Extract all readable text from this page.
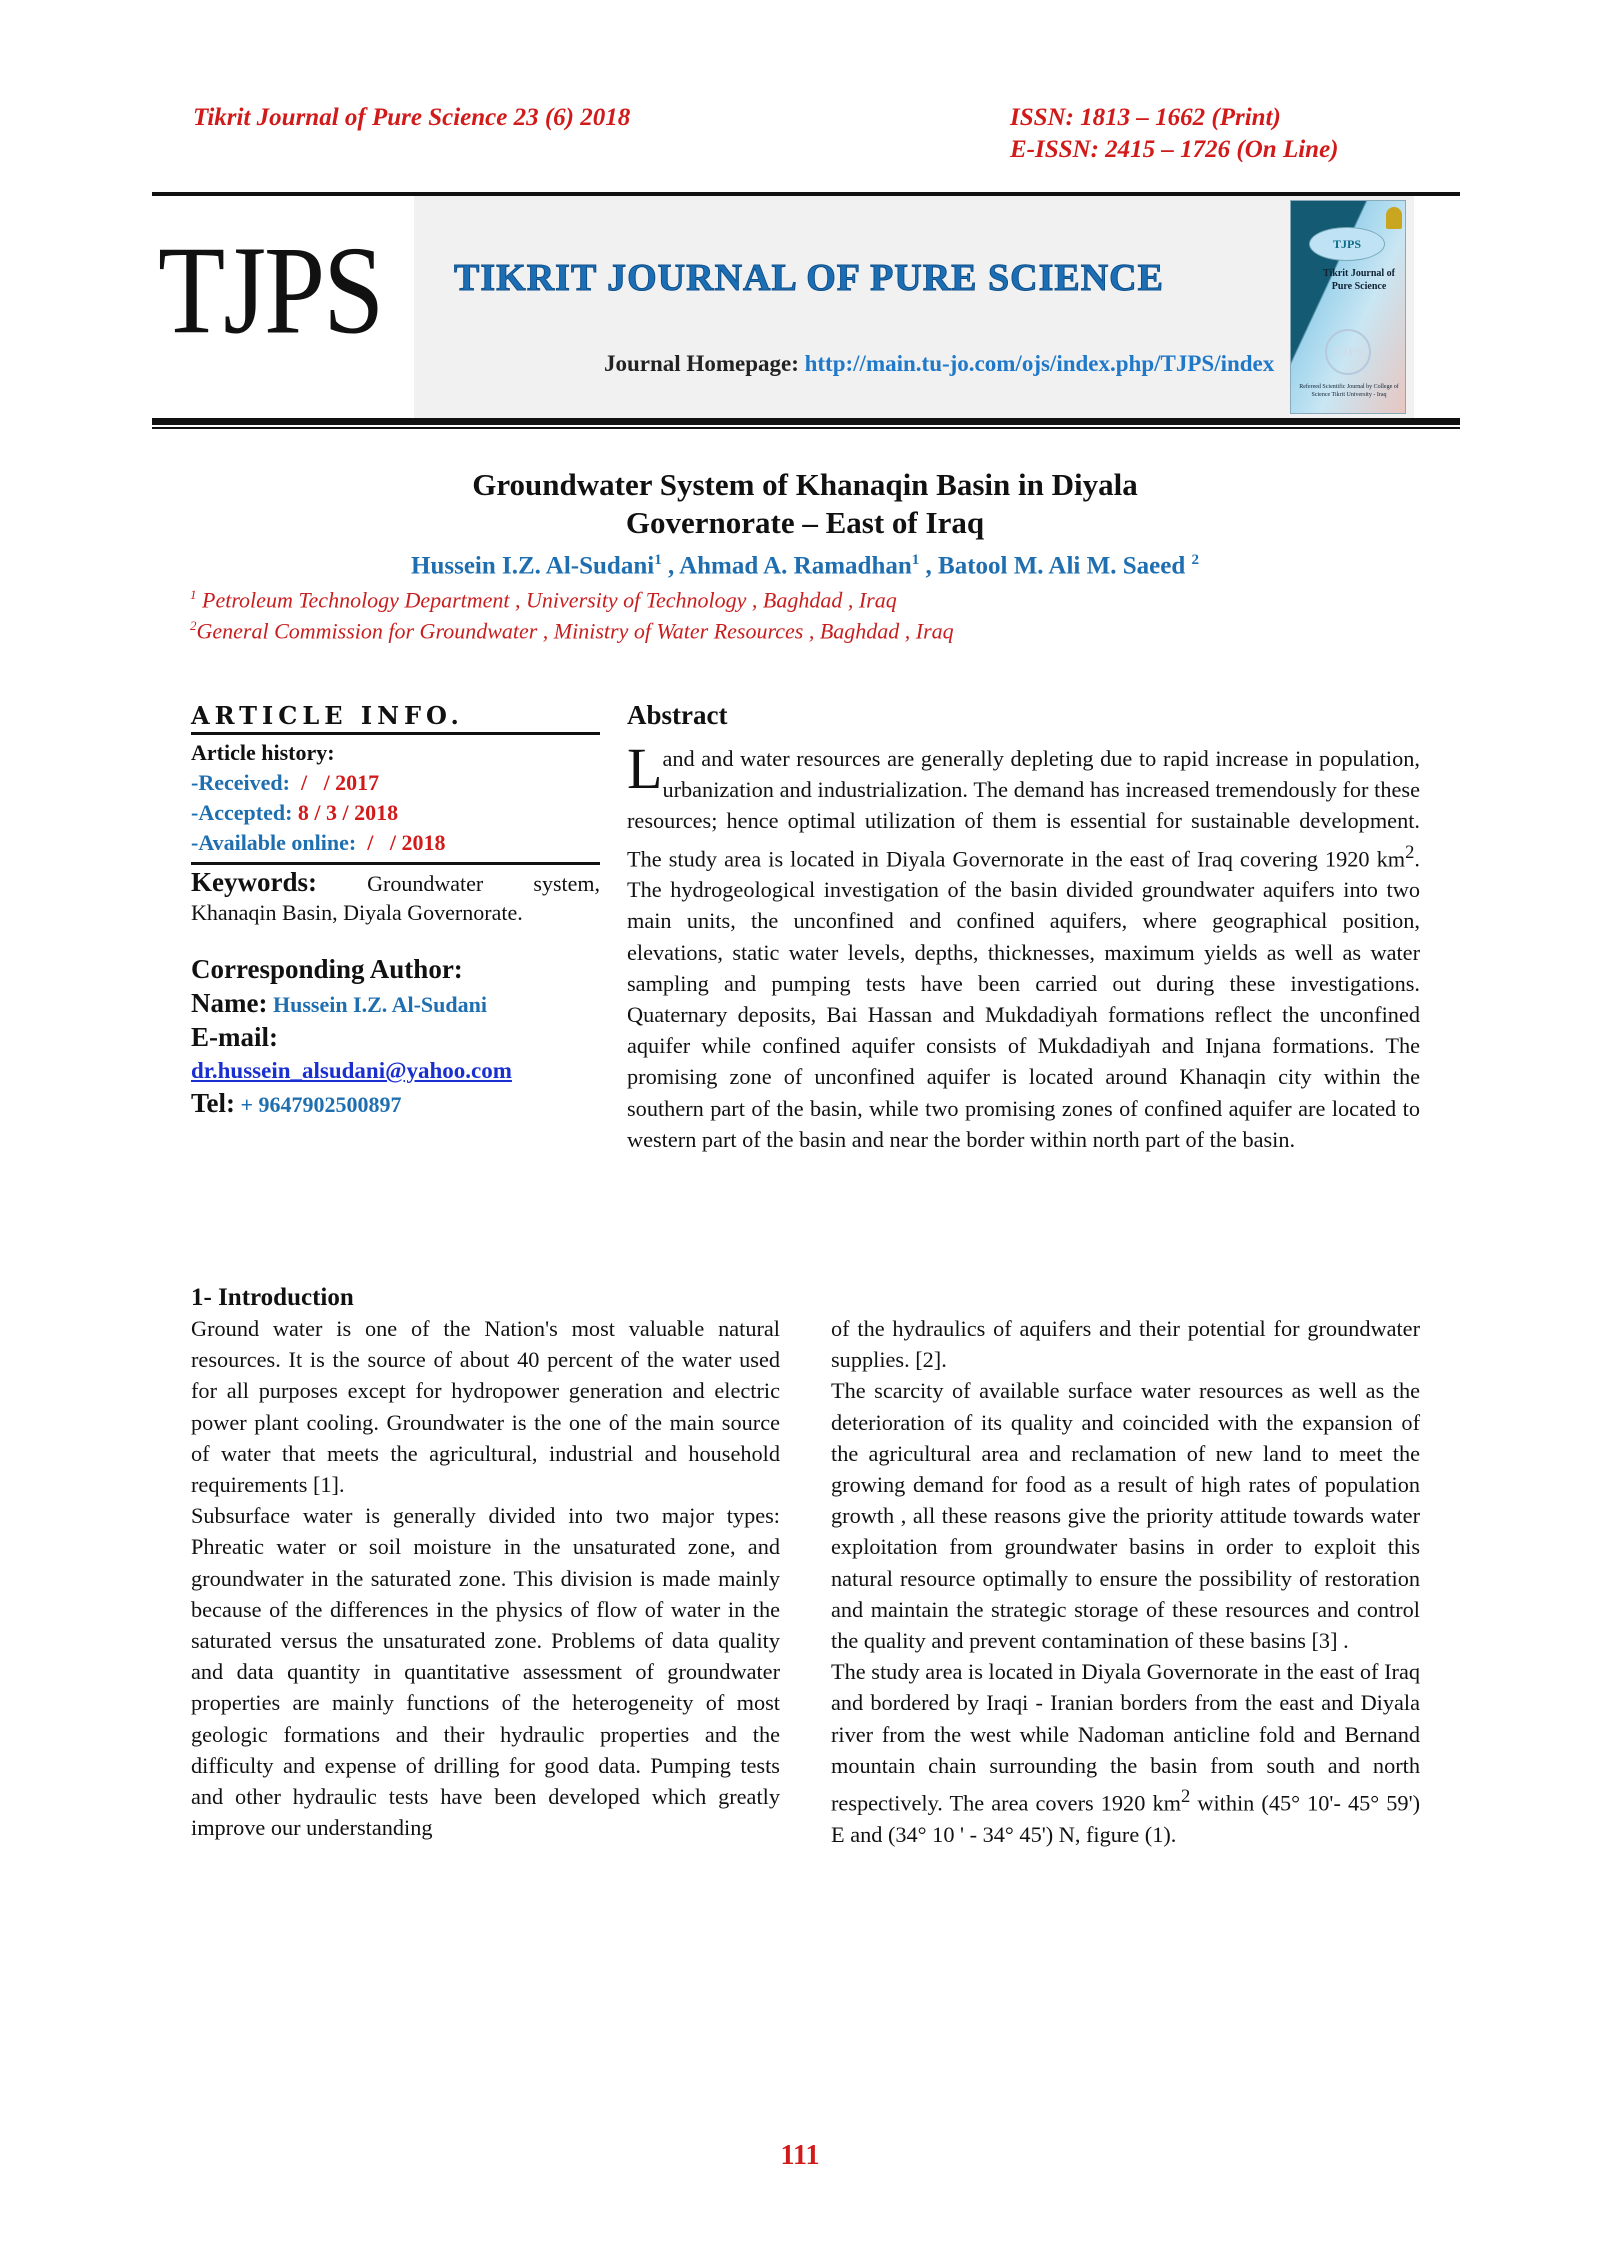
Tikrit Journal of Pure Science 23 (6) 2018	ISSN: 1813 – 1662 (Print)
E-ISSN: 2415 – 1726 (On Line)
TJPS	TIKRIT JOURNAL OF PURE SCIENCE
Journal Homepage: http://main.tu-jo.com/ojs/index.php/TJPS/index
TJPS
Tikrit Journal of
Pure Science
TJPS
Refereed Scientific Journal by College of Science Tikrit University - Iraq
Groundwater System of Khanaqin Basin in Diyala
Governorate – East of Iraq
Hussein I.Z. Al-Sudani$^1$ , Ahmad A. Ramadhan$^1$ , Batool M. Ali M. Saeed $^2$
$^1$ Petroleum Technology Department , University of Technology , Baghdad , Iraq
$^2$General Commission for Groundwater , Ministry of Water Resources , Baghdad , Iraq
ARTICLE INFO.
Article history:
-Received:  /   / 2017
-Accepted: 8 / 3 / 2018
-Available online:  /   / 2018
Keywords: Groundwater system, Khanaqin Basin, Diyala Governorate.
Corresponding Author:
Name: Hussein I.Z. Al-Sudani
E-mail:
dr.hussein_alsudani@yahoo.com
Tel: + 9647902500897
Abstract
Land and water resources are generally depleting due to rapid increase in population, urbanization and industrialization. The demand has increased tremendously for these resources; hence optimal utilization of them is essential for sustainable development. The study area is located in Diyala Governorate in the east of Iraq covering 1920 $km^2$. The hydrogeological investigation of the basin divided groundwater aquifers into two main units, the unconfined and confined aquifers, where geographical position, elevations, static water levels, depths, thicknesses, maximum yields as well as water sampling and pumping tests have been carried out during these investigations. Quaternary deposits, Bai Hassan and Mukdadiyah formations reflect the unconfined aquifer while confined aquifer consists of Mukdadiyah and Injana formations. The promising zone of unconfined aquifer is located around Khanaqin city within the southern part of the basin, while two promising zones of confined aquifer are located to western part of the basin and near the border within north part of the basin.
1- Introduction

Ground water is one of the Nation's most valuable natural resources. It is the source of about 40 percent of the water used for all purposes except for hydropower generation and electric power plant cooling. Groundwater is the one of the main source of water that meets the agricultural, industrial and household requirements [1].

Subsurface water is generally divided into two major types: Phreatic water or soil moisture in the unsaturated zone, and groundwater in the saturated zone. This division is made mainly because of the differences in the physics of flow of water in the saturated versus the unsaturated zone. Problems of data quality and data quantity in quantitative assessment of groundwater properties are mainly functions of the heterogeneity of most geologic formations and their hydraulic properties and the difficulty and expense of drilling for good data. Pumping tests and other hydraulic tests have been developed which greatly improve our understanding

of the hydraulics of aquifers and their potential for groundwater supplies. [2].

The scarcity of available surface water resources as well as the deterioration of its quality and coincided with the expansion of the agricultural area and reclamation of new land to meet the growing demand for food as a result of high rates of population growth , all these reasons give the priority attitude towards water exploitation from groundwater basins in order to exploit this natural resource optimally to ensure the possibility of restoration and maintain the strategic storage of these resources and control the quality and prevent contamination of these basins [3] .

The study area is located in Diyala Governorate in the east of Iraq and bordered by Iraqi - Iranian borders from the east and Diyala river from the west while Nadoman anticline fold and Bernand mountain chain surrounding the basin from south and north respectively. The area covers 1920 $km^2$ within (45° 10'- 45° 59') E and (34° 10 ' - 34° 45') N, figure (1).

111
